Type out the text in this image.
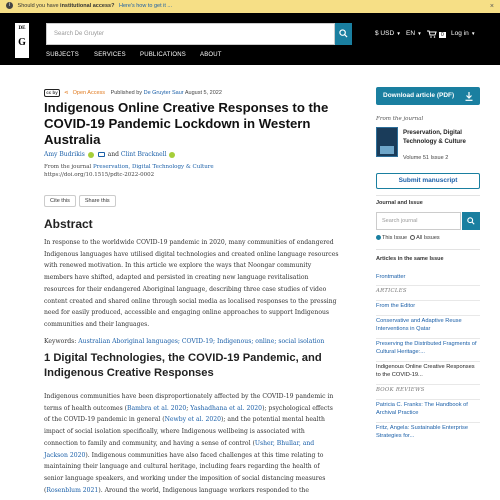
i Should you have institutional access? Here's how to get it ...	×
DE
G
Search De Gruyter	$ USD ▼ EN ▼	0	Log in ▼
SUBJECTS	SERVICES PUBLICATIONS ABOUT
cc by ⋖ Open Access Published by De Gruyter Saur August 5, 2022
Indigenous Online Creative Responses to the COVID-19 Pandemic Lockdown in Western Australia
Amy Budrikis	and Clint Bracknell
From the journal Preservation, Digital Technology & Culture
https://doi.org/10.1515/pdtc-2022-0002
Cite this	Share this
Abstract

In response to the worldwide COVID-19 pandemic in 2020, many communities of endangered Indigenous languages have utilised digital technologies and created online language resources with renewed motivation. In this article we explore the ways that Noongar community members have shifted, adapted and persisted in creating new language revitalisation resources for their endangered Aboriginal language, describing three case studies of video content created and shared online through social media as localised responses to the pressing need for easily produced, accessible and engaging online approaches to support Indigenous communities and their languages.

Keywords: Australian Aboriginal languages; COVID-19; Indigenous; online; social isolation
1 Digital Technologies, the COVID-19 Pandemic, and Indigenous Creative Responses

Indigenous communities have been disproportionately affected by the COVID-19 pandemic in terms of health outcomes (Bambra et al. 2020; Yashadhana et al. 2020); psychological effects of the COVID-19 pandemic in general (Newby et al. 2020); and the potential mental health impact of social isolation specifically, where Indigenous wellbeing is associated with connection to family and community, and having a sense of control (Usher, Bhullar, and Jackson 2020). Indigenous communities have also faced challenges at this time relating to maintaining their language and cultural heritage, including fears regarding the health of senior language speakers, and working under the imposition of social distancing measures (Rosenblum 2021). Around the world, Indigenous language workers responded to the

Download article (PDF)
From the journal
Preservation, Digital Technology & Culture
Volume 51 Issue 2
Submit manuscript
Journal and Issue
Search journal
This Issue All Issues
Articles in the same Issue
Frontmatter
ARTICLES
From the Editor
Conservative and Adaptive Reuse Interventions in Qatar
Preserving the Distributed Fragments of Cultural Heritage:...
Indigenous Online Creative Responses to the COVID-19...
BOOK REVIEWS
Patricia C. Franks: The Handbook of Archival Practice
Fritz, Angela: Sustainable Enterprise Strategies for...
